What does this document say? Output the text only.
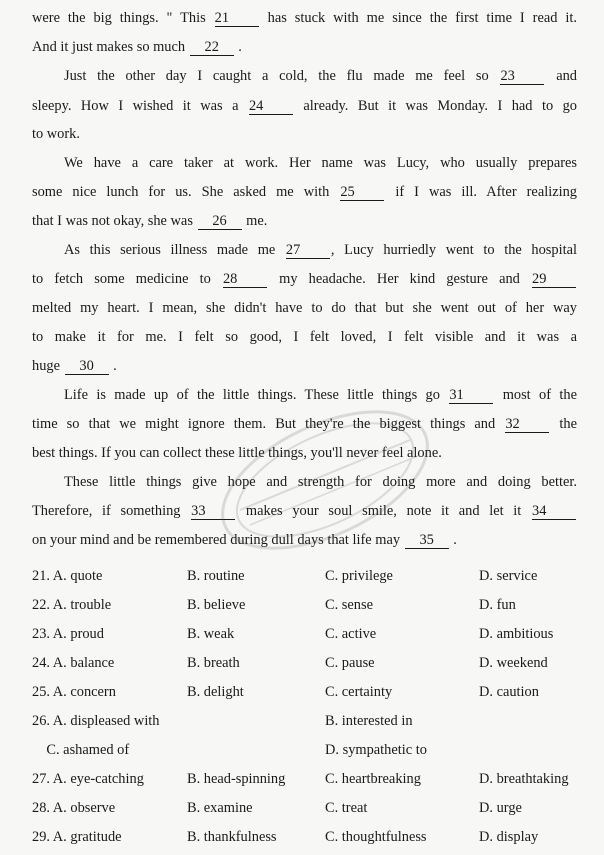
were the big things. " This 21 has stuck with me since the first time I read it.
And it just makes so much 22 .
Just the other day I caught a cold, the flu made me feel so 23 and
sleepy. How I wished it was a 24 already. But it was Monday. I had to go
to work.
We have a care taker at work. Her name was Lucy, who usually prepares
some nice lunch for us. She asked me with 25 if I was ill. After realizing
that I was not okay, she was 26 me.
As this serious illness made me 27 , Lucy hurriedly went to the hospital
to fetch some medicine to 28 my headache. Her kind gesture and 29
melted my heart. I mean, she didn't have to do that but she went out of her way
to make it for me. I felt so good, I felt loved, I felt visible and it was a
huge 30 .
Life is made up of the little things. These little things go 31 most of the
time so that we might ignore them. But they're the biggest things and 32 the
best things. If you can collect these little things, you'll never feel alone.
These little things give hope and strength for doing more and doing better.
Therefore, if something 33 makes your soul smile, note it and let it 34
on your mind and be remembered during dull days that life may 35 .
21. A. quote	B. routine	C. privilege	D. service
22. A. trouble	B. believe	C. sense	D. fun
23. A. proud	B. weak	C. active	D. ambitious
24. A. balance	B. breath	C. pause	D. weekend
25. A. concern	B. delight	C. certainty	D. caution
26. A. displeased with	B. interested in
C. ashamed of	D. sympathetic to
27. A. eye-catching	B. head-spinning	C. heartbreaking	D. breathtaking
28. A. observe	B. examine	C. treat	D. urge
29. A. gratitude	B. thankfulness	C. thoughtfulness	D. display
